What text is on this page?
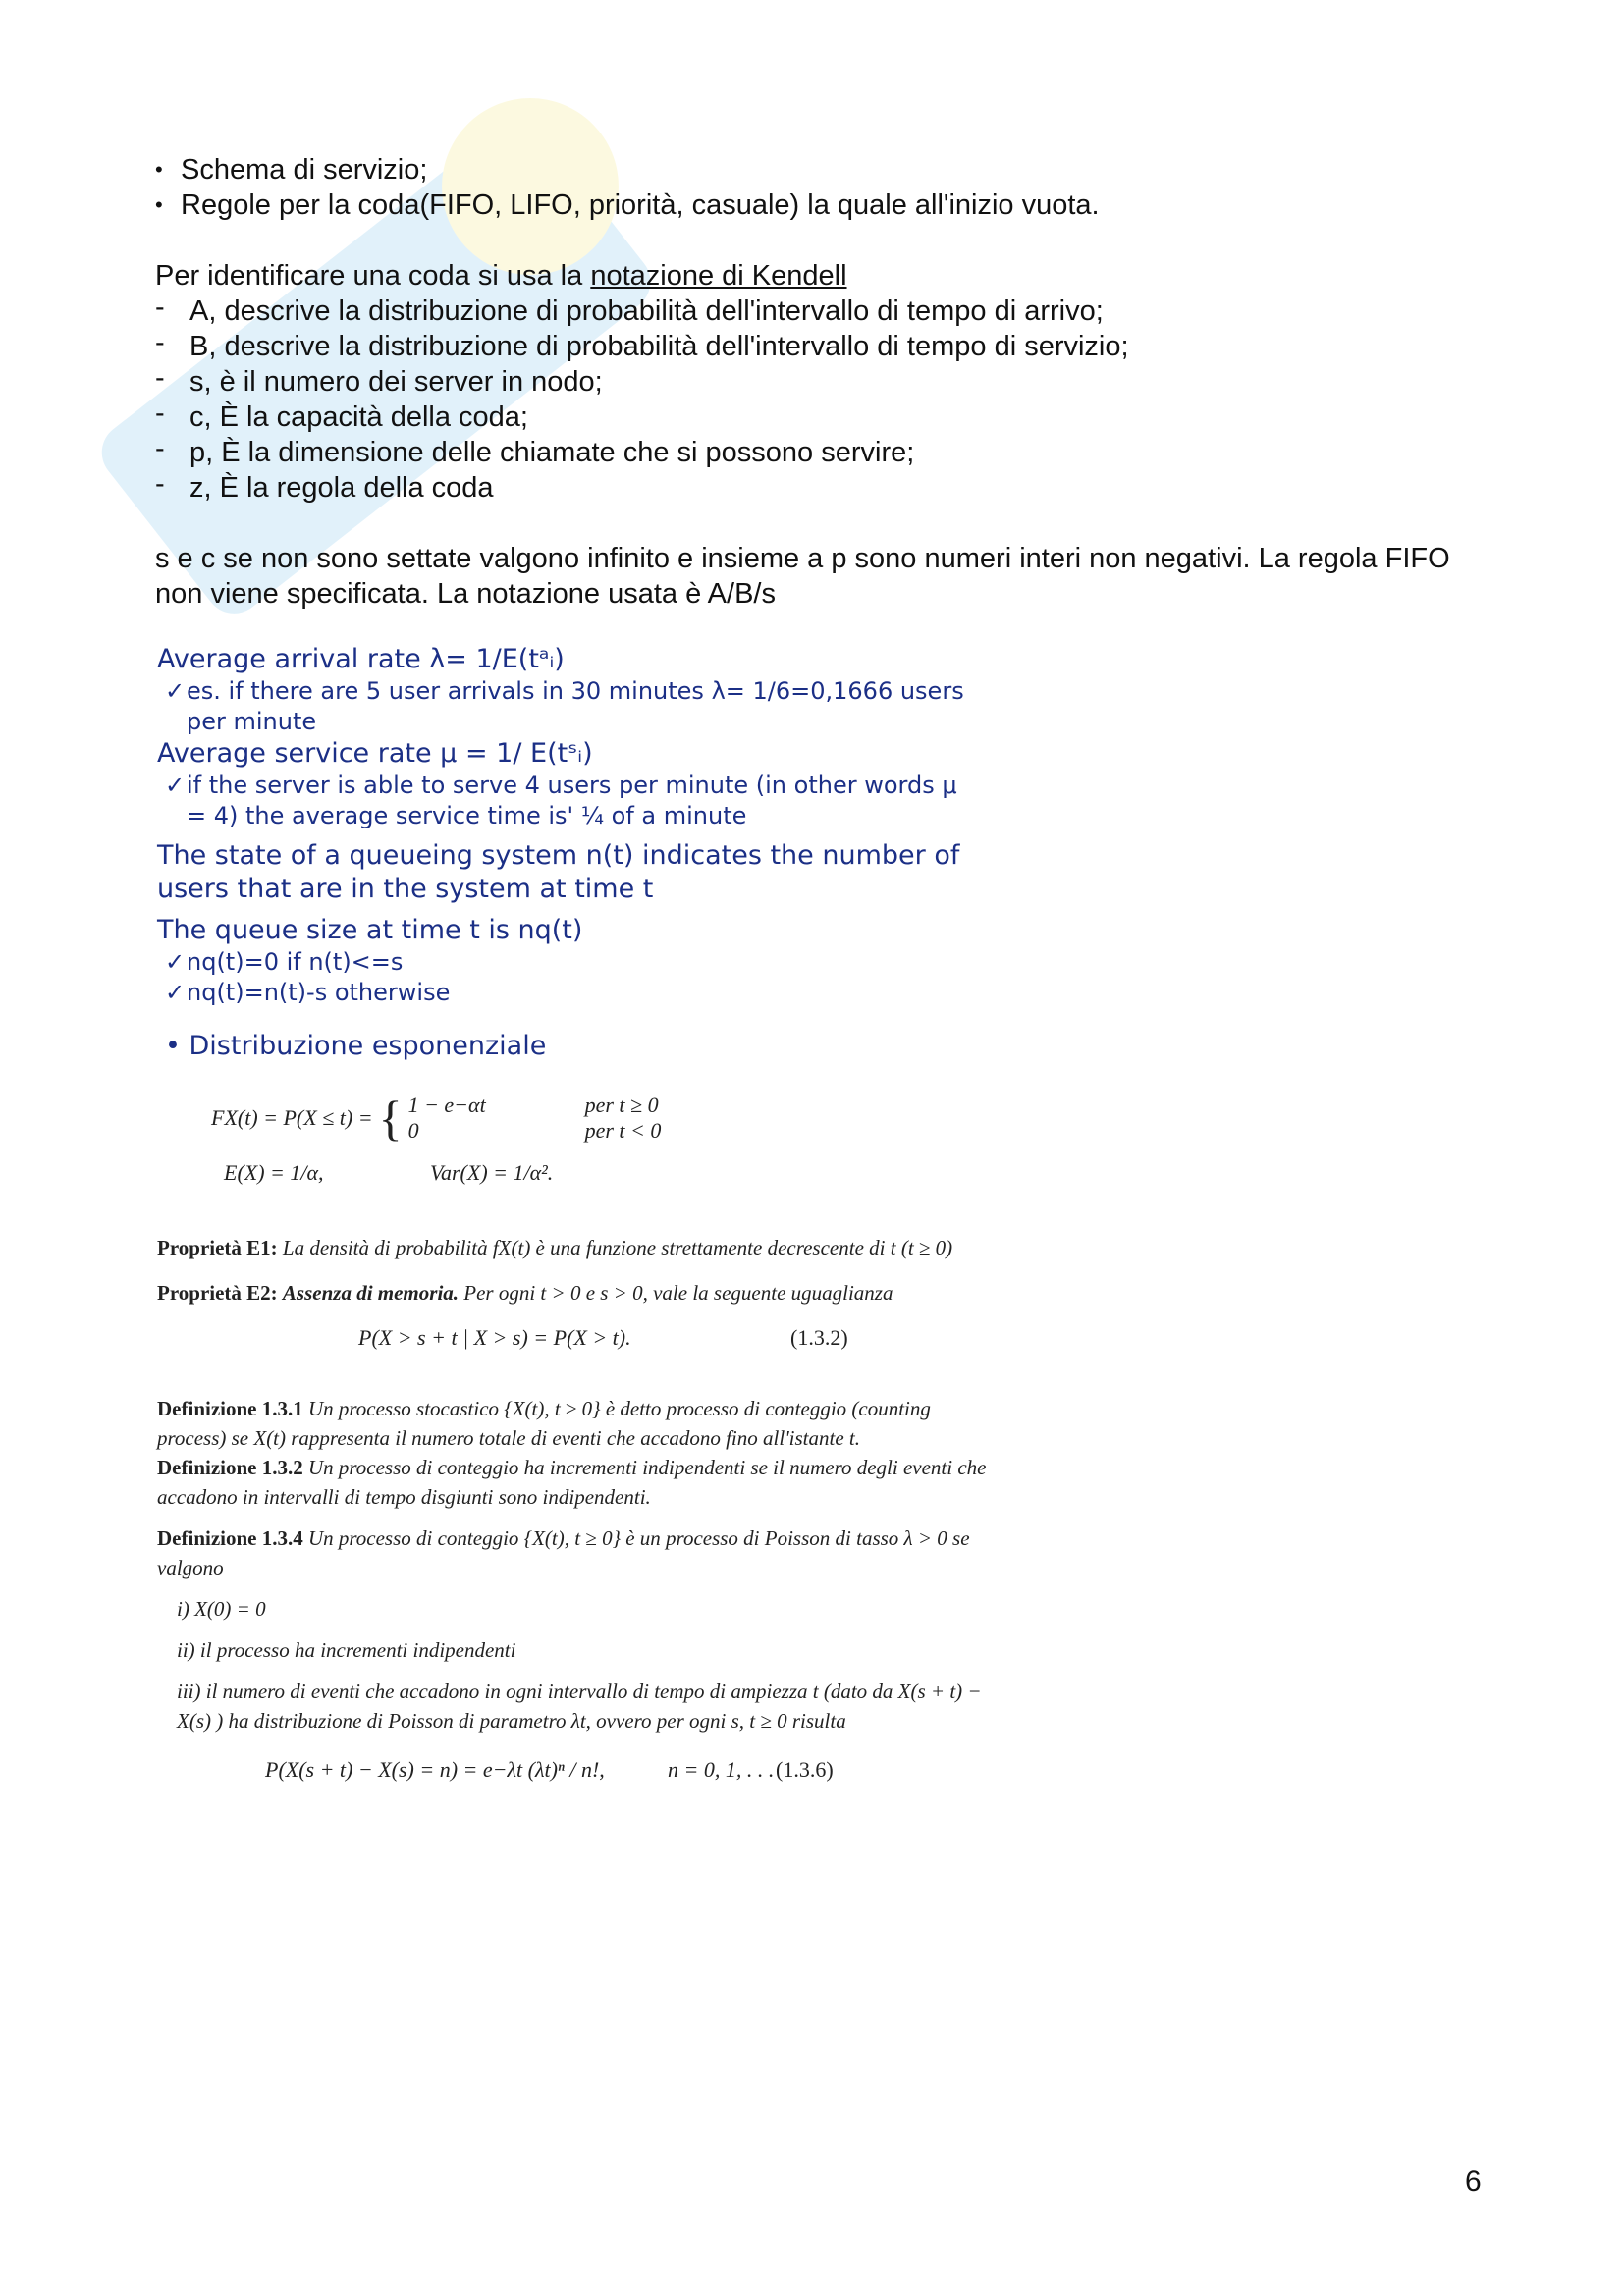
• Schema di servizio;
• Regole per la coda(FIFO, LIFO, priorità, casuale) la quale all'inizio vuota.

Per identificare una coda si usa la notazione di Kendell

- A, descrive la distribuzione di probabilità dell'intervallo di tempo di arrivo;
- B, descrive la distribuzione di probabilità dell'intervallo di tempo di servizio;
- s, è il numero dei server in nodo;
- c, È la capacità della coda;
- p, È la dimensione delle chiamate che si possono servire;
- z, È la regola della coda

s e c se non sono settate valgono infinito e insieme a p sono numeri interi non negativi. La regola FIFO non viene specificata. La notazione usata è A/B/s

Average arrival rate λ= 1/E(tᵃᵢ)
✓ es. if there are 5 user arrivals in 30 minutes λ= 1/6=0,1666 users
per minute
Average service rate μ = 1/ E(tˢᵢ)
✓ if the server is able to serve 4 users per minute (in other words μ
= 4) the average service time is' ¼ of a minute
The state of a queueing system n(t) indicates the number of
users that are in the system at time t
The queue size at time t is nq(t)
✓ nq(t)=0 if n(t)<=s
✓ nq(t)=n(t)-s otherwise
• Distribuzione esponenziale
FX(t) = P(X ≤ t) = { 1 − e−αt	per t ≥ 0
0	per t < 0
E(X) = 1/α,	Var(X) = 1/α².
Proprietà E1: La densità di probabilità fX(t) è una funzione strettamente decrescente di t (t ≥ 0)
Proprietà E2: Assenza di memoria. Per ogni t > 0 e s > 0, vale la seguente uguaglianza
P(X > s + t | X > s) = P(X > t).	(1.3.2)
Definizione 1.3.1 Un processo stocastico {X(t), t ≥ 0} è detto processo di conteggio (counting process) se X(t) rappresenta il numero totale di eventi che accadono fino all'istante t.
Definizione 1.3.2 Un processo di conteggio ha incrementi indipendenti se il numero degli eventi che accadono in intervalli di tempo disgiunti sono indipendenti.
Definizione 1.3.4 Un processo di conteggio {X(t), t ≥ 0} è un processo di Poisson di tasso λ > 0 se valgono
i) X(0) = 0
ii) il processo ha incrementi indipendenti
iii) il numero di eventi che accadono in ogni intervallo di tempo di ampiezza t (dato da X(s + t) − X(s) ) ha distribuzione di Poisson di parametro λt, ovvero per ogni s, t ≥ 0 risulta
P(X(s + t) − X(s) = n) = e−λt (λt)ⁿ / n!,	n = 0, 1, . . . (1.3.6)
6
